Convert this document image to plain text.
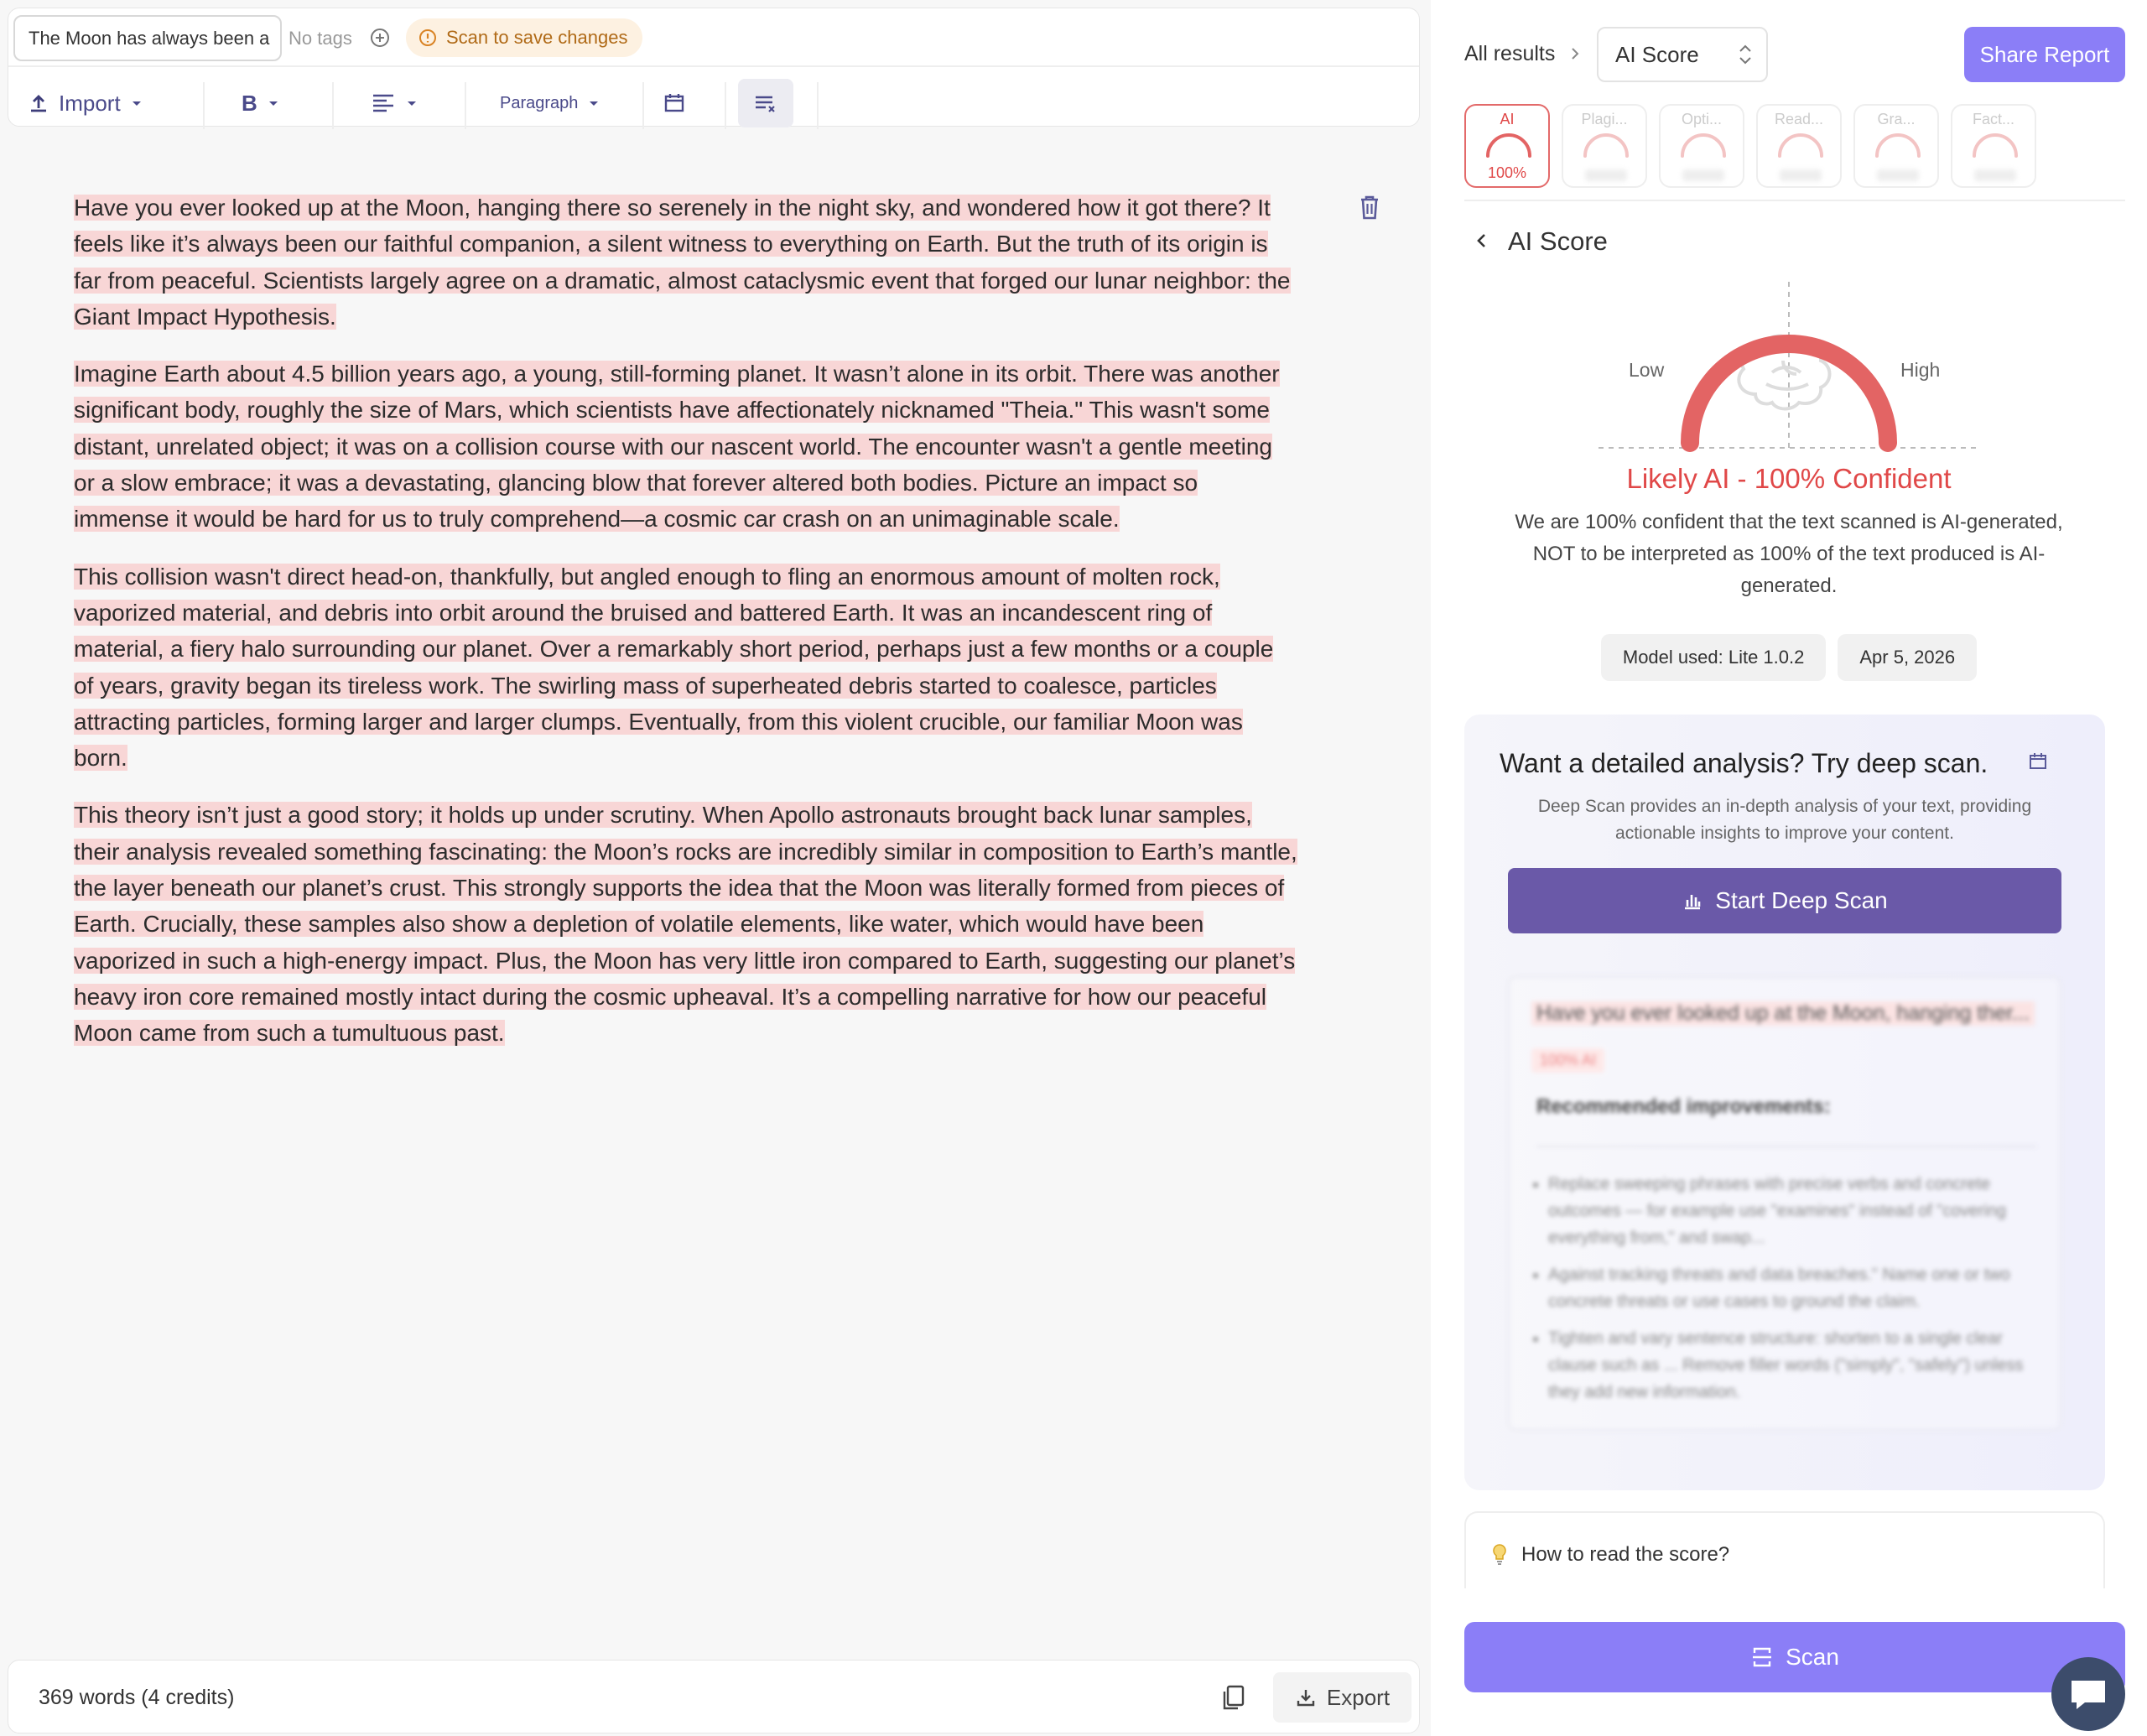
The Moon has always been a	No tags	Scan to save changes
Import	B	Paragraph

Have you ever looked up at the Moon, hanging there so serenely in the night sky, and wondered how it got there? It feels like it’s always been our faithful companion, a silent witness to everything on Earth. But the truth of its origin is far from peaceful. Scientists largely agree on a dramatic, almost cataclysmic event that forged our lunar neighbor: the Giant Impact Hypothesis.

Imagine Earth about 4.5 billion years ago, a young, still-forming planet. It wasn’t alone in its orbit. There was another significant body, roughly the size of Mars, which scientists have affectionately nicknamed "Theia." This wasn't some distant, unrelated object; it was on a collision course with our nascent world. The encounter wasn't a gentle meeting or a slow embrace; it was a devastating, glancing blow that forever altered both bodies. Picture an impact so immense it would be hard for us to truly comprehend—a cosmic car crash on an unimaginable scale.

This collision wasn't direct head-on, thankfully, but angled enough to fling an enormous amount of molten rock, vaporized material, and debris into orbit around the bruised and battered Earth. It was an incandescent ring of material, a fiery halo surrounding our planet. Over a remarkably short period, perhaps just a few months or a couple of years, gravity began its tireless work. The swirling mass of superheated debris started to coalesce, particles attracting particles, forming larger and larger clumps. Eventually, from this violent crucible, our familiar Moon was born.

This theory isn’t just a good story; it holds up under scrutiny. When Apollo astronauts brought back lunar samples, their analysis revealed something fascinating: the Moon’s rocks are incredibly similar in composition to Earth’s mantle, the layer beneath our planet’s crust. This strongly supports the idea that the Moon was literally formed from pieces of Earth. Crucially, these samples also show a depletion of volatile elements, like water, which would have been vaporized in such a high-energy impact. Plus, the Moon has very little iron compared to Earth, suggesting our planet’s heavy iron core remained mostly intact during the cosmic upheaval. It’s a compelling narrative for how our peaceful Moon came from such a tumultuous past.

369 words (4 credits)	Export
All results	AI Score	Share Report
AI
100%
Plagi...	Opti...	Read...	Gra...	Fact...
AI Score
Low	High
Likely AI - 100% Confident
We are 100% confident that the text scanned is AI-generated, NOT to be interpreted as 100% of the text produced is AI-generated.
Model used: Lite 1.0.2	Apr 5, 2026
Want a detailed analysis? Try deep scan.
Deep Scan provides an in-depth analysis of your text, providing actionable insights to improve your content.
Start Deep Scan
Have you ever looked up at the Moon, hanging ther...
100% AI
Recommended improvements:
• Replace sweeping phrases with precise verbs and concrete outcomes — for example use "examines" instead of "covering everything from," and swap...
• Against tracking threats and data breaches." Name one or two concrete threats or use cases to ground the claim.
• Tighten and vary sentence structure: shorten to a single clear clause such as ... Remove filler words ("simply", "safely") unless they add new information.
How to read the score?
Scan
